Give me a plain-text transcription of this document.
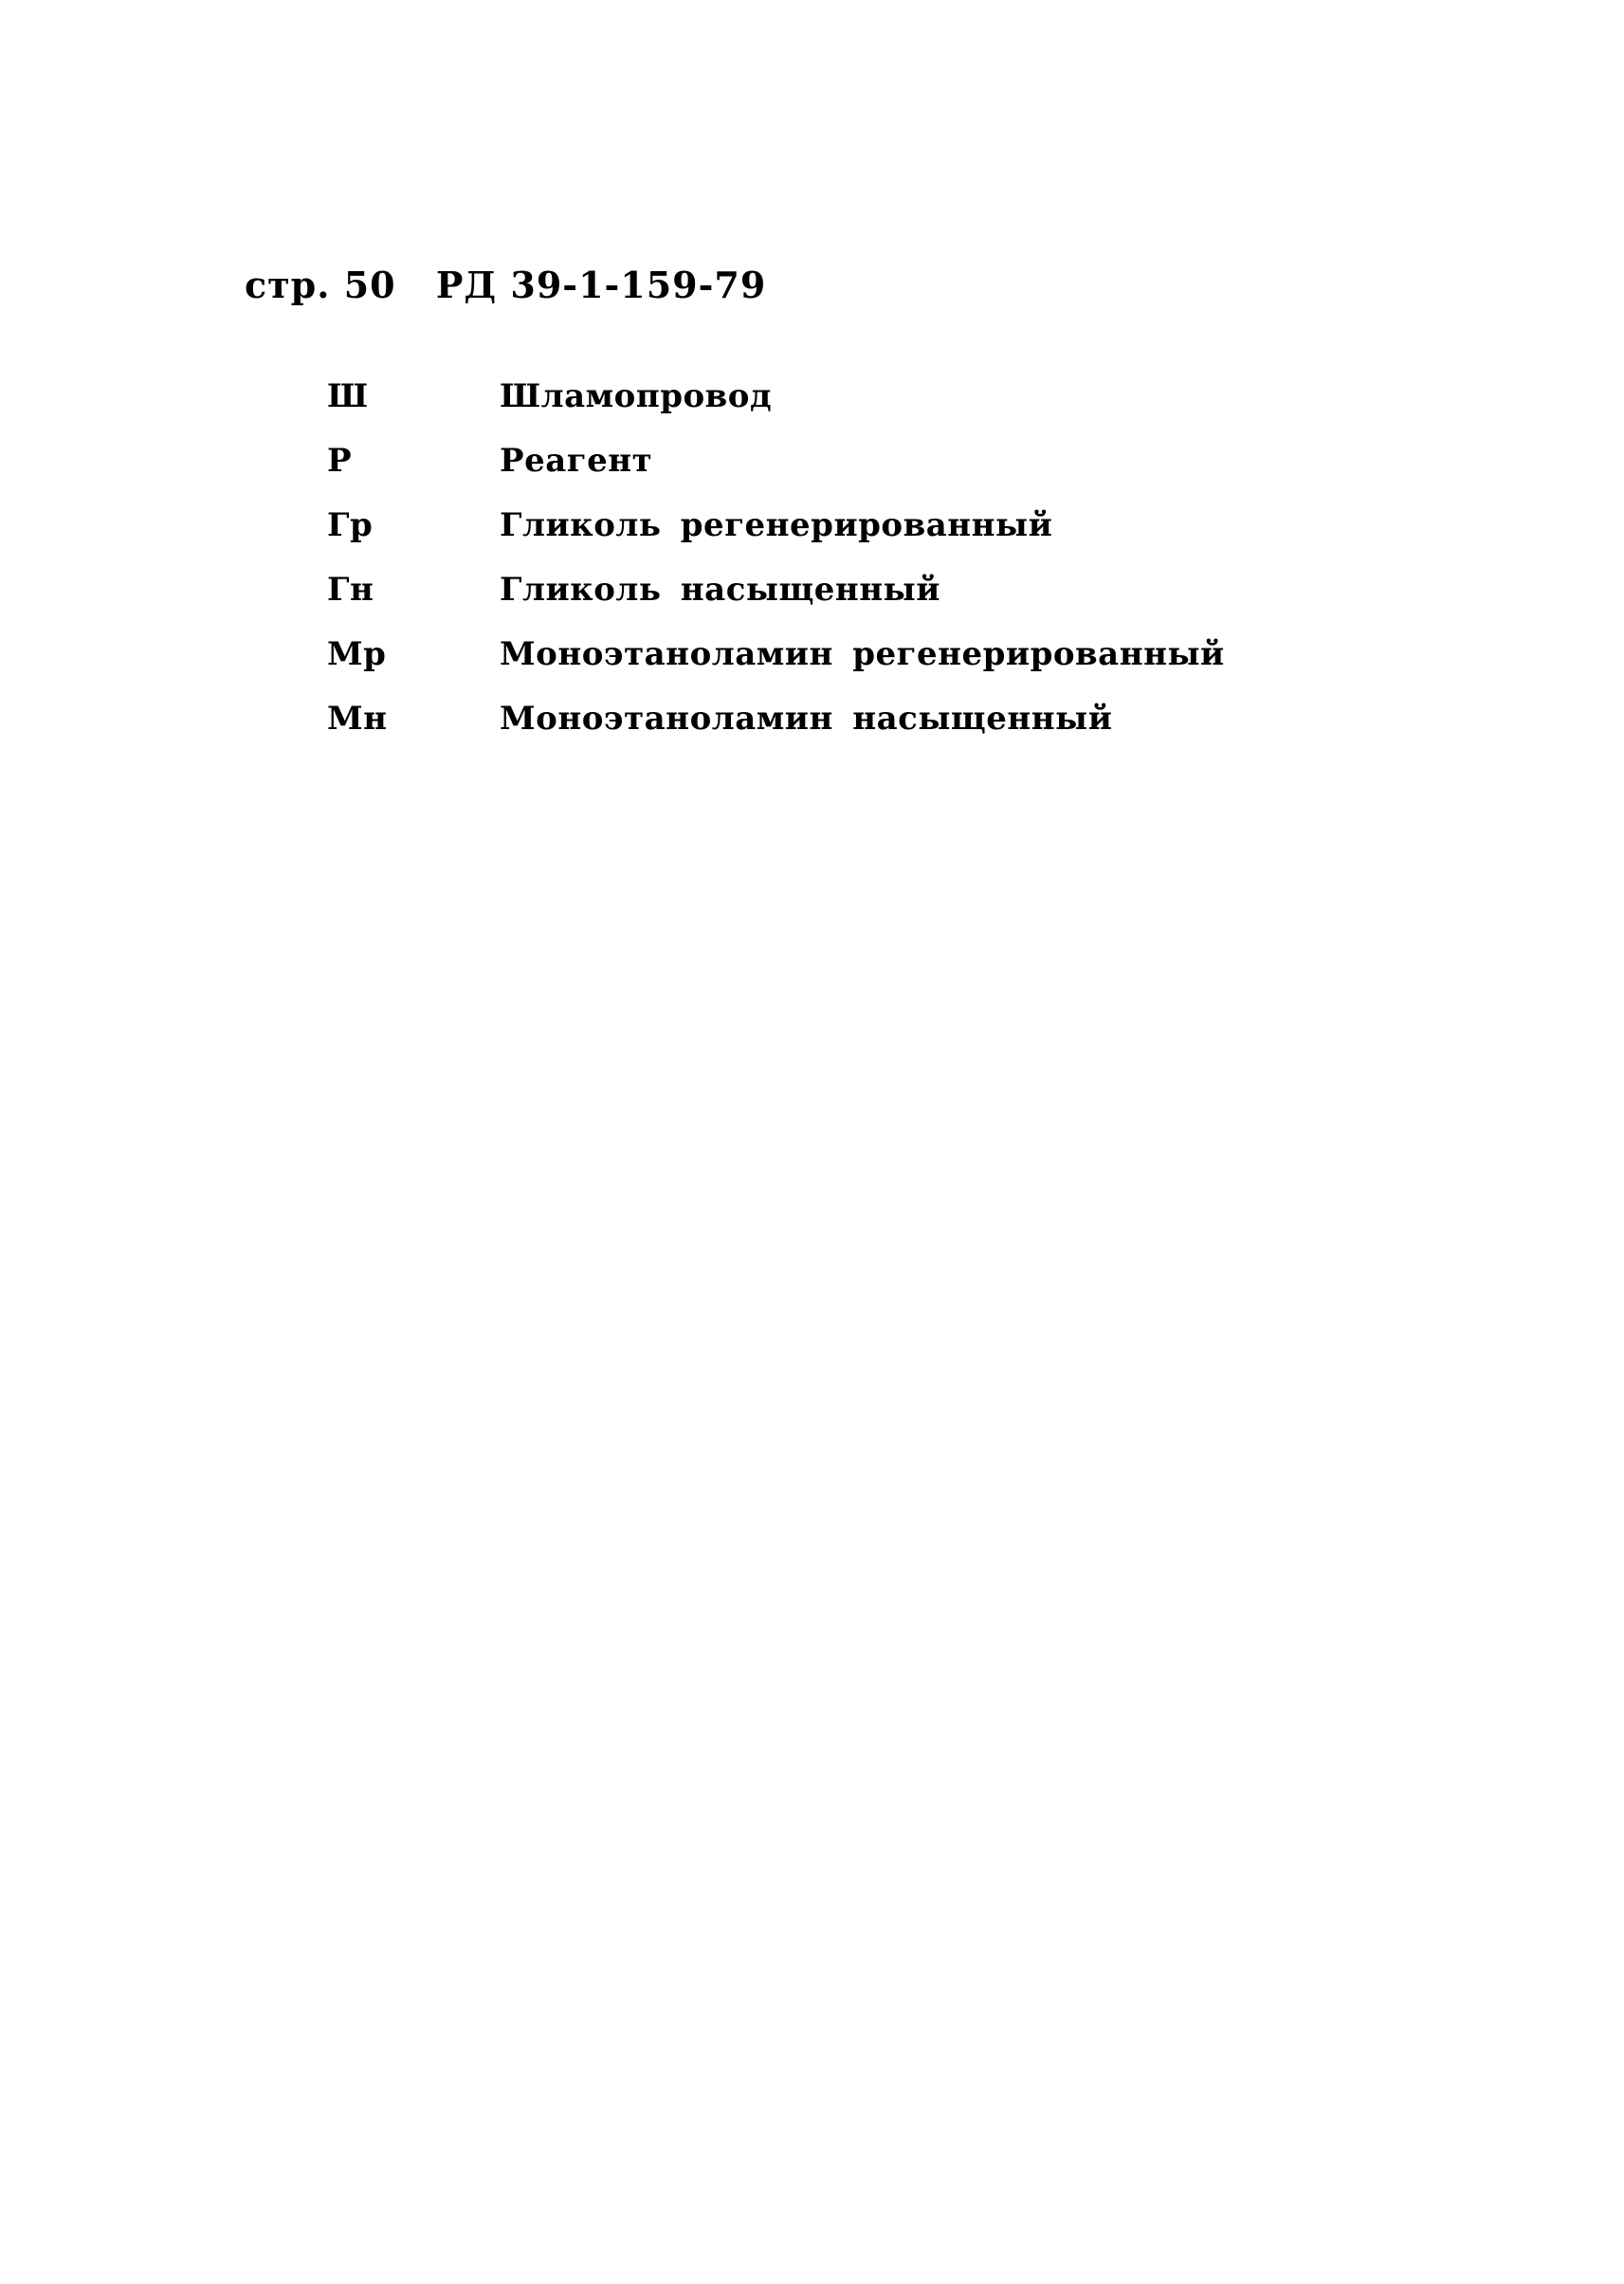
стр. 50 РД 39-1-159-79
Ш	Шламопровод
Р	Реагент
Гр	Гликоль регенерированный
Гн	Гликоль насыщенный
Мр	Моноэтаноламин регенерированный
Мн	Моноэтаноламин насыщенный
